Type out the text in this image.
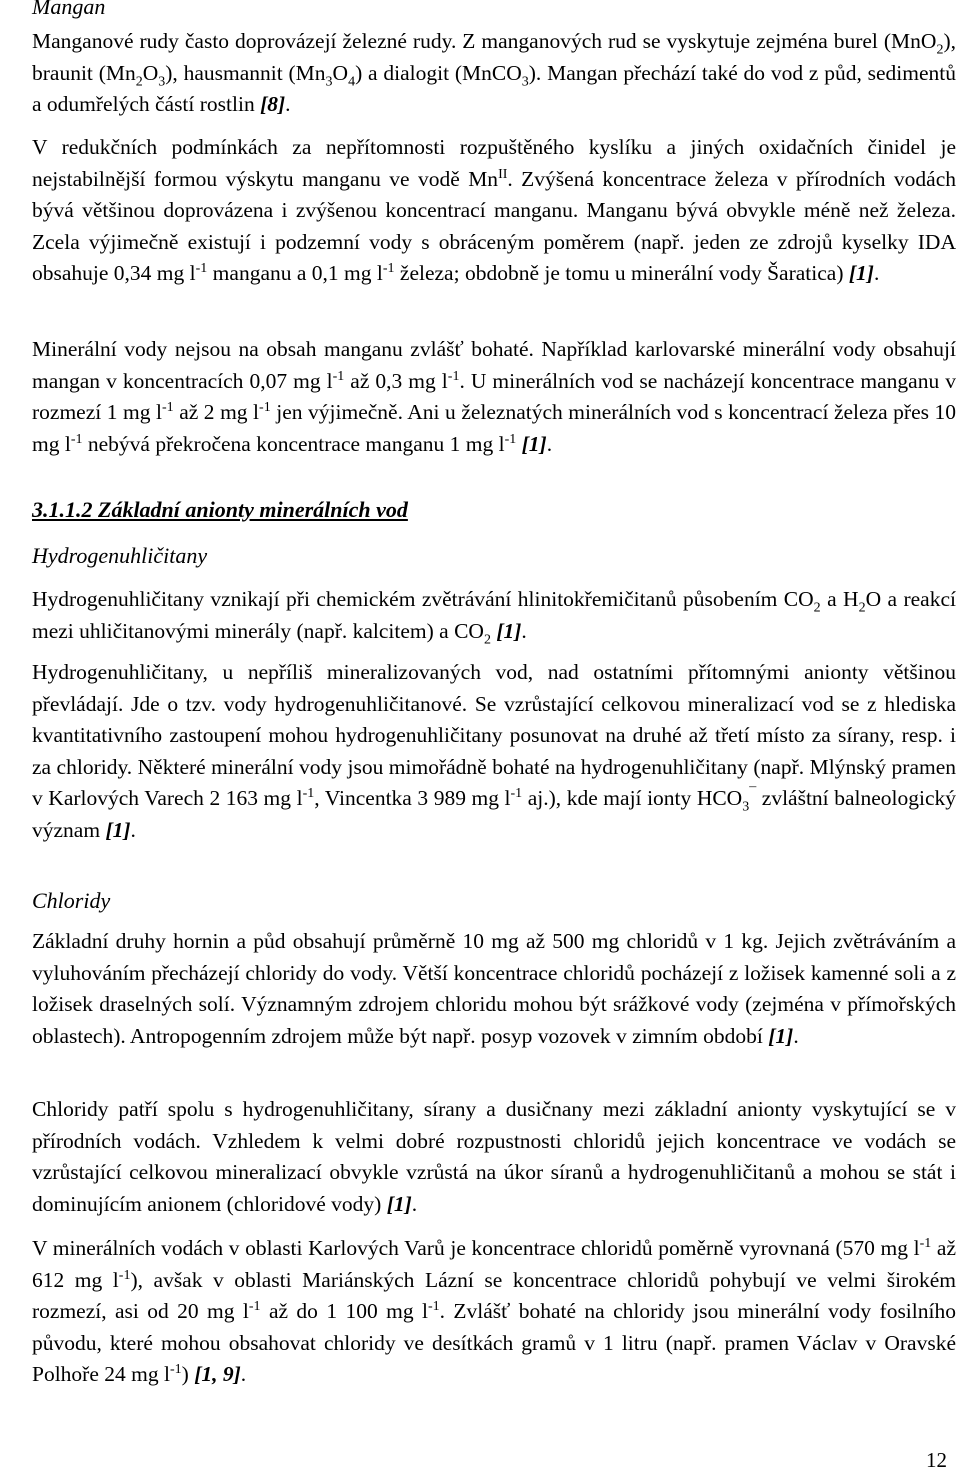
Mangan

Manganové rudy často doprovázejí železné rudy. Z manganových rud se vyskytuje zejména burel (MnO$_2$), braunit $(Mn_2O_3)$, hausmannit $(Mn_3O_4)$ a dialogit (MnCO$_3$). Mangan přechází také do vod z půd, sedimentů a odumřelých částí rostlin [8].

V redukčních podmínkách za nepřítomnosti rozpuštěného kyslíku a jiných oxidačních činidel je nejstabilnější formou výskytu manganu ve vodě $Mn^{II}$. Zvýšená koncentrace železa v přírodních vodách bývá většinou doprovázena i zvýšenou koncentrací manganu. Manganu bývá obvykle méně než železa. Zcela výjimečně existují i podzemní vody s obráceným poměrem (např. jeden ze zdrojů kyselky IDA obsahuje 0,34 mg $l^{-1}$ manganu a 0,1 mg $l^{-1}$ železa; obdobně je tomu u minerální vody Šaratica) [1].

Minerální vody nejsou na obsah manganu zvlášť bohaté. Například karlovarské minerální vody obsahují mangan v koncentracích 0,07 mg $l^{-1}$ až 0,3 mg $l^{-1}$. U minerálních vod se nacházejí koncentrace manganu v rozmezí 1 mg $l^{-1}$ až 2 mg $l^{-1}$ jen výjimečně. Ani u železnatých minerálních vod s koncentrací železa přes 10 mg $l^{-1}$ nebývá překročena koncentrace manganu 1 mg $l^{-1}$ [1].

3.1.1.2 Základní anionty minerálních vod
Hydrogenuhličitany

Hydrogenuhličitany vznikají při chemickém zvětrávání hlinitokřemičitanů působením $CO_2$ a $H_2O$ a reakcí mezi uhličitanovými minerály (např. kalcitem) a $CO_2$ [1].

Hydrogenuhličitany, u nepříliš mineralizovaných vod, nad ostatními přítomnými anionty většinou převládají. Jde o tzv. vody hydrogenuhličitanové. Se vzrůstající celkovou mineralizací vod se z hlediska kvantitativního zastoupení mohou hydrogenuhličitany posunovat na druhé až třetí místo za sírany, resp. i za chloridy. Některé minerální vody jsou mimořádně bohaté na hydrogenuhličitany (např. Mlýnský pramen v Karlových Varech 2 163 mg $l^{-1}$, Vincentka 3 989 mg $l^{-1}$ aj.), kde mají ionty $HCO_3^¯$ zvláštní balneologický význam [1].

Chloridy

Základní druhy hornin a půd obsahují průměrně 10 mg až 500 mg chloridů v 1 kg. Jejich zvětráváním a vyluhováním přecházejí chloridy do vody. Větší koncentrace chloridů pocházejí z ložisek kamenné soli a z ložisek draselných solí. Významným zdrojem chloridu mohou být srážkové vody (zejména v přímořských oblastech). Antropogenním zdrojem může být např. posyp vozovek v zimním období [1].

Chloridy patří spolu s hydrogenuhličitany, sírany a dusičnany mezi základní anionty vyskytující se v přírodních vodách. Vzhledem k velmi dobré rozpustnosti chloridů jejich koncentrace ve vodách se vzrůstající celkovou mineralizací obvykle vzrůstá na úkor síranů a hydrogenuhličitanů a mohou se stát i dominujícím anionem (chloridové vody) [1].

V minerálních vodách v oblasti Karlových Varů je koncentrace chloridů poměrně vyrovnaná (570 mg $l^{-1}$ až 612 mg $l^{-1}$), avšak v oblasti Mariánských Lázní se koncentrace chloridů pohybují ve velmi širokém rozmezí, asi od 20 mg $l^{-1}$ až do 1 100 mg $l^{-1}$. Zvlášť bohaté na chloridy jsou minerální vody fosilního původu, které mohou obsahovat chloridy ve desítkách gramů v 1 litru (např. pramen Václav v Oravské Polhoře 24 mg $l^{-1}$) [1, 9].

12
